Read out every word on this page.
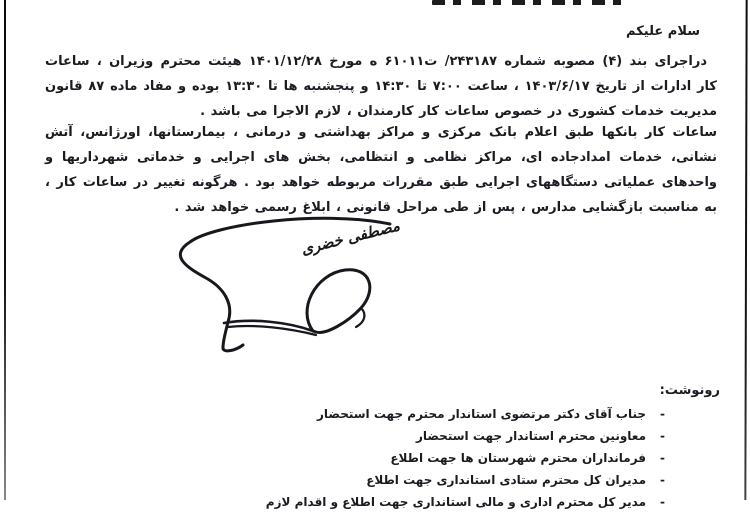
سلام علیکم

دراجرای بند (۴) مصوبه شماره ۲۴۳۱۸۷/ ت۶۱۰۱۱ ه مورخ ۱۴۰۱/۱۲/۲۸ هیئت محترم وزیران ، ساعات کار ادارات از تاریخ ۱۴۰۳/۶/۱۷ ، ساعت ۷:۰۰ تا ۱۴:۳۰ و پنجشنبه ها تا ۱۳:۳۰ بوده و مفاد ماده ۸۷ قانون مدیریت خدمات کشوری در خصوص ساعات کار کارمندان ، لازم الاجرا می باشد .

ساعات کار بانکها طبق اعلام بانک مرکزی و مراکز بهداشتی و درمانی ، بیمارستانها، اورژانس، آتش نشانی، خدمات امدادجاده ای، مراکز نظامی و انتظامی، بخش های اجرایی و خدماتی شهرداریها و واحدهای عملیاتی دستگاههای اجرایی طبق مقررات مربوطه خواهد بود . هرگونه تغییر در ساعات کار ، به مناسبت بازگشایی مدارس ، پس از طی مراحل قانونی ، ابلاغ رسمی خواهد شد .

مصطفی خضری
رونوشت:
-
جناب آقای دکتر مرتضوی استاندار محترم جهت استحضار
-
معاونین محترم استاندار جهت استحضار
-
فرمانداران محترم شهرستان ها جهت اطلاع
-
مدیران کل محترم ستادی استانداری جهت اطلاع
-
مدیر کل محترم اداری و مالی استانداری جهت اطلاع و اقدام لازم
